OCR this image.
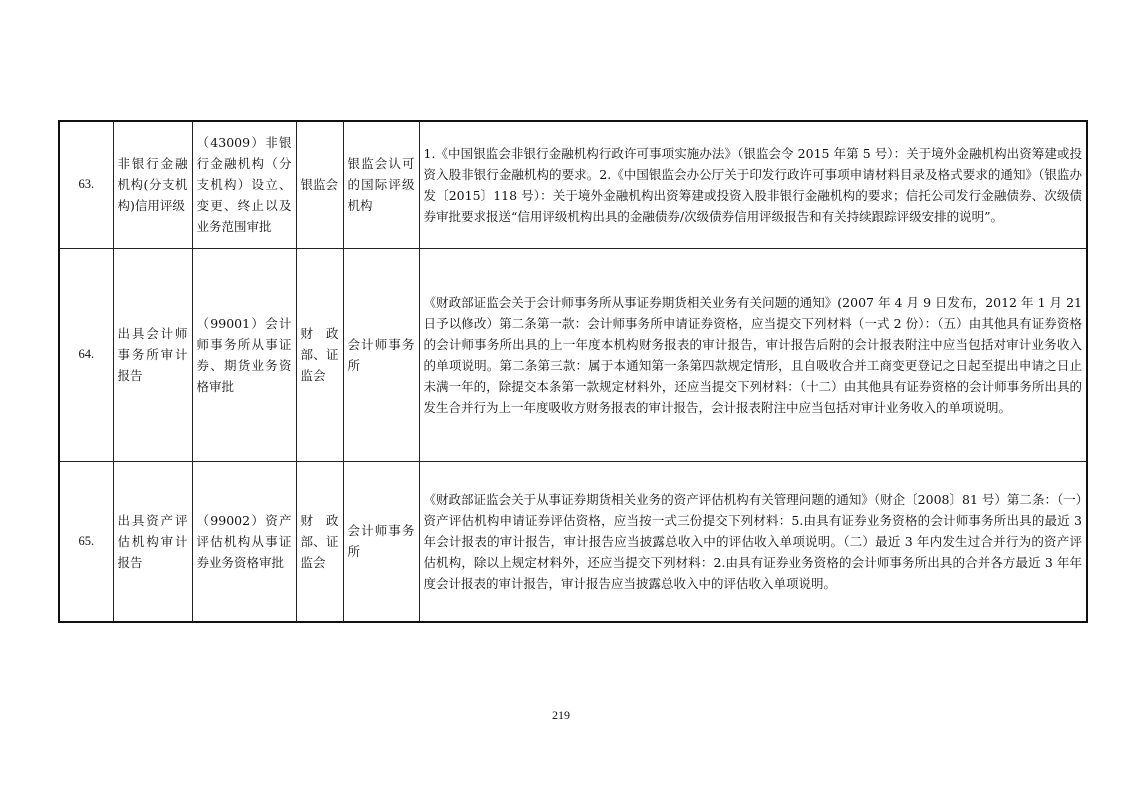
63.	非银行金融机构(分支机构)信用评级	（43009）非银行金融机构（分支机构）设立、变更、终止以及业务范围审批	银监会	银监会认可的国际评级机构	1.《中国银监会非银行金融机构行政许可事项实施办法》（银监会令 2015 年第 5 号）：关于境外金融机构出资筹建或投资入股非银行金融机构的要求。2.《中国银监会办公厅关于印发行政许可事项申请材料目录及格式要求的通知》（银监办发〔2015〕118 号）：关于境外金融机构出资筹建或投资入股非银行金融机构的要求；信托公司发行金融债券、次级债券审批要求报送“信用评级机构出具的金融债券/次级债券信用评级报告和有关持续跟踪评级安排的说明”。

64.	出具会计师事务所审计报告	（99001）会计师事务所从事证券、期货业务资格审批	财政部、证监会	会计师事务所	《财政部证监会关于会计师事务所从事证券期货相关业务有关问题的通知》(2007 年 4 月 9 日发布，2012 年 1 月 21 日予以修改）第二条第一款：会计师事务所申请证券资格，应当提交下列材料（一式 2 份）：（五）由其他具有证券资格的会计师事务所出具的上一年度本机构财务报表的审计报告，审计报告后附的会计报表附注中应当包括对审计业务收入的单项说明。第二条第三款：属于本通知第一条第四款规定情形，且自吸收合并工商变更登记之日起至提出申请之日止未满一年的，除提交本条第一款规定材料外，还应当提交下列材料：（十二）由其他具有证券资格的会计师事务所出具的发生合并行为上一年度吸收方财务报表的审计报告，会计报表附注中应当包括对审计业务收入的单项说明。

65.	出具资产评估机构审计报告	（99002）资产评估机构从事证券业务资格审批	财政部、证监会	会计师事务所	《财政部证监会关于从事证券期货相关业务的资产评估机构有关管理问题的通知》（财企〔2008〕81 号）第二条：（一）资产评估机构申请证券评估资格，应当按一式三份提交下列材料：5.由具有证券业务资格的会计师事务所出具的最近 3 年会计报表的审计报告，审计报告应当披露总收入中的评估收入单项说明。（二）最近 3 年内发生过合并行为的资产评估机构，除以上规定材料外，还应当提交下列材料：2.由具有证券业务资格的会计师事务所出具的合并各方最近 3 年年度会计报表的审计报告，审计报告应当披露总收入中的评估收入单项说明。
219
